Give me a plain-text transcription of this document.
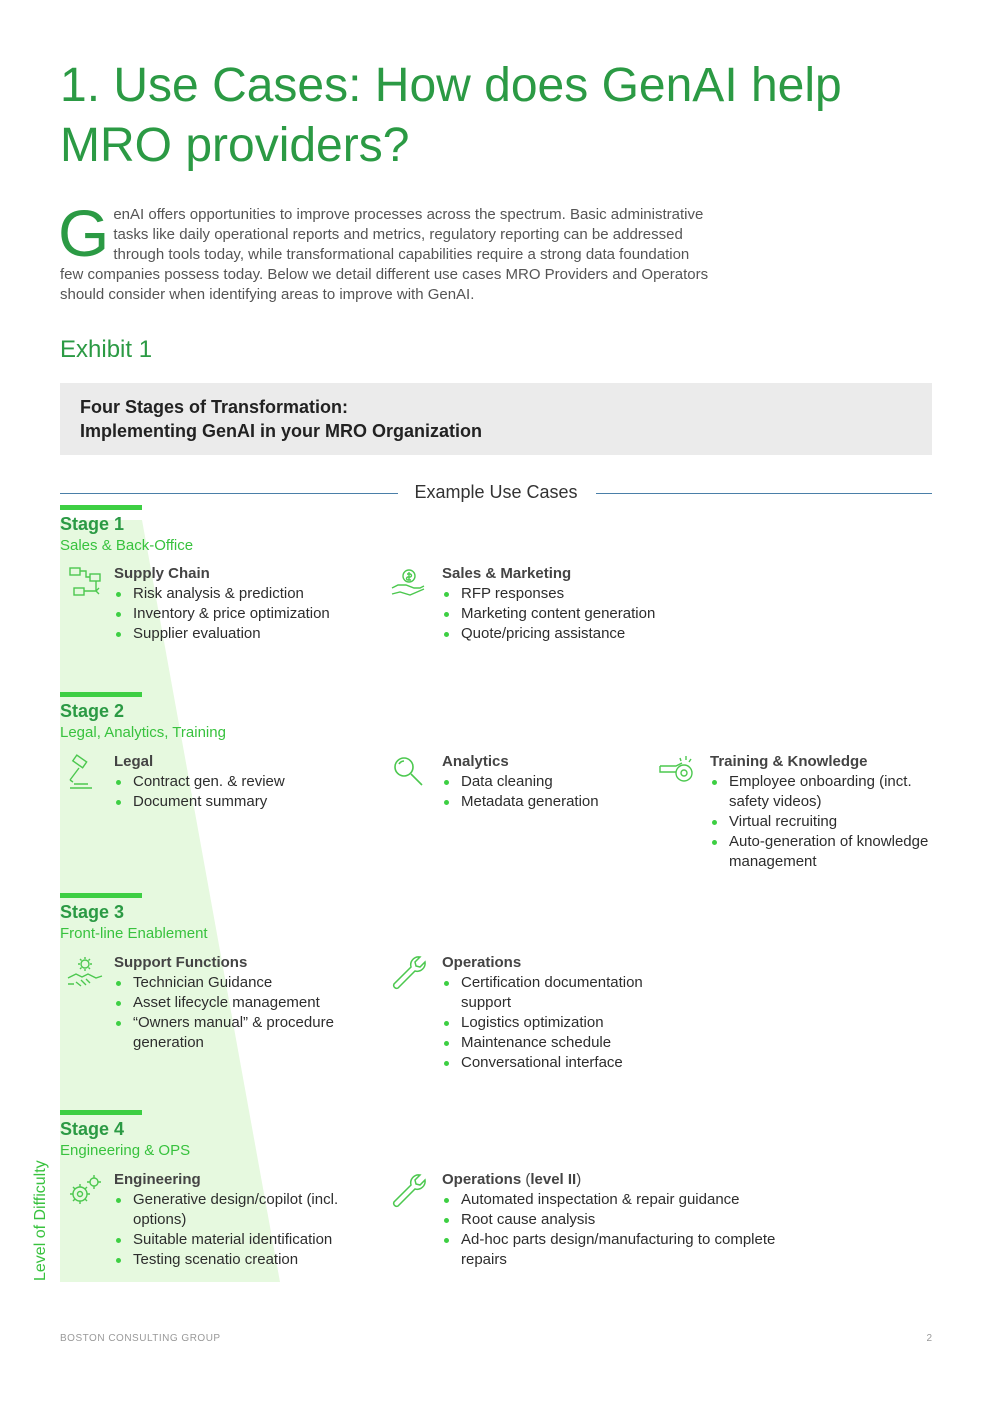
1. Use Cases: How does GenAI help MRO providers?
GenAI offers opportunities to improve processes across the spectrum. Basic administrative tasks like daily operational reports and metrics, regulatory reporting can be addressed through tools today, while transformational capabilities require a strong data foundation few companies possess today. Below we detail different use cases MRO Providers and Operators should consider when identifying areas to improve with GenAI.
Exhibit 1
Four Stages of Transformation:
Implementing GenAI in your MRO Organization
Example Use Cases
Stage 1
Sales & Back-Office
Supply Chain
Risk analysis & prediction
Inventory & price optimization
Supplier evaluation
Sales & Marketing
RFP responses
Marketing content generation
Quote/pricing assistance
Stage 2
Legal, Analytics, Training
Legal
Contract gen. & review
Document summary
Analytics
Data cleaning
Metadata generation
Training & Knowledge
Employee onboarding (inct. safety videos)
Virtual recruiting
Auto-generation of knowledge management
Stage 3
Front-line Enablement
Support Functions
Technician Guidance
Asset lifecycle management
“Owners manual” & procedure generation
Operations
Certification documentation support
Logistics optimization
Maintenance schedule
Conversational interface
Stage 4
Engineering & OPS
Engineering
Generative design/copilot (incl. options)
Suitable material identification
Testing scenatio creation
Operations (level II)
Automated inspectation & repair guidance
Root cause analysis
Ad-hoc parts design/manufacturing to complete repairs
Level of Difficulty
BOSTON CONSULTING GROUP	2
